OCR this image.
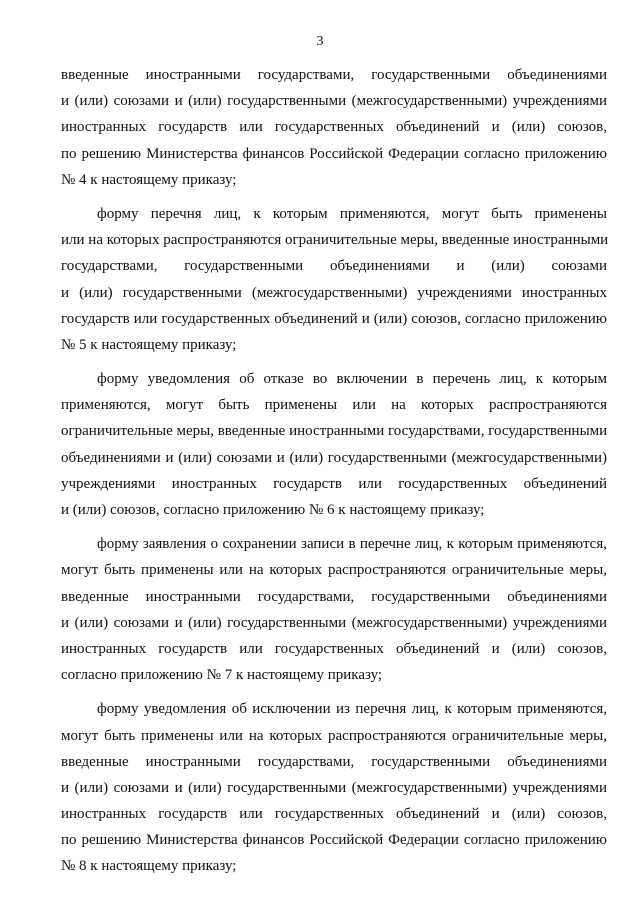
3

введенные иностранными государствами, государственными объединениями
и (или) союзами и (или) государственными (межгосударственными) учреждениями
иностранных государств или государственных объединений и (или) союзов,
по решению Министерства финансов Российской Федерации согласно приложению
№ 4 к настоящему приказу;

форму перечня лиц, к которым применяются, могут быть применены
или на которых распространяются ограничительные меры, введенные иностранными
государствами, государственными объединениями и (или) союзами
и (или) государственными (межгосударственными) учреждениями иностранных
государств или государственных объединений и (или) союзов, согласно приложению
№ 5 к настоящему приказу;

форму уведомления об отказе во включении в перечень лиц, к которым
применяются, могут быть применены или на которых распространяются
ограничительные меры, введенные иностранными государствами, государственными
объединениями и (или) союзами и (или) государственными (межгосударственными)
учреждениями иностранных государств или государственных объединений
и (или) союзов, согласно приложению № 6 к настоящему приказу;

форму заявления о сохранении записи в перечне лиц, к которым применяются,
могут быть применены или на которых распространяются ограничительные меры,
введенные иностранными государствами, государственными объединениями
и (или) союзами и (или) государственными (межгосударственными) учреждениями
иностранных государств или государственных объединений и (или) союзов,
согласно приложению № 7 к настоящему приказу;

форму уведомления об исключении из перечня лиц, к которым применяются,
могут быть применены или на которых распространяются ограничительные меры,
введенные иностранными государствами, государственными объединениями
и (или) союзами и (или) государственными (межгосударственными) учреждениями
иностранных государств или государственных объединений и (или) союзов,
по решению Министерства финансов Российской Федерации согласно приложению
№ 8 к настоящему приказу;
